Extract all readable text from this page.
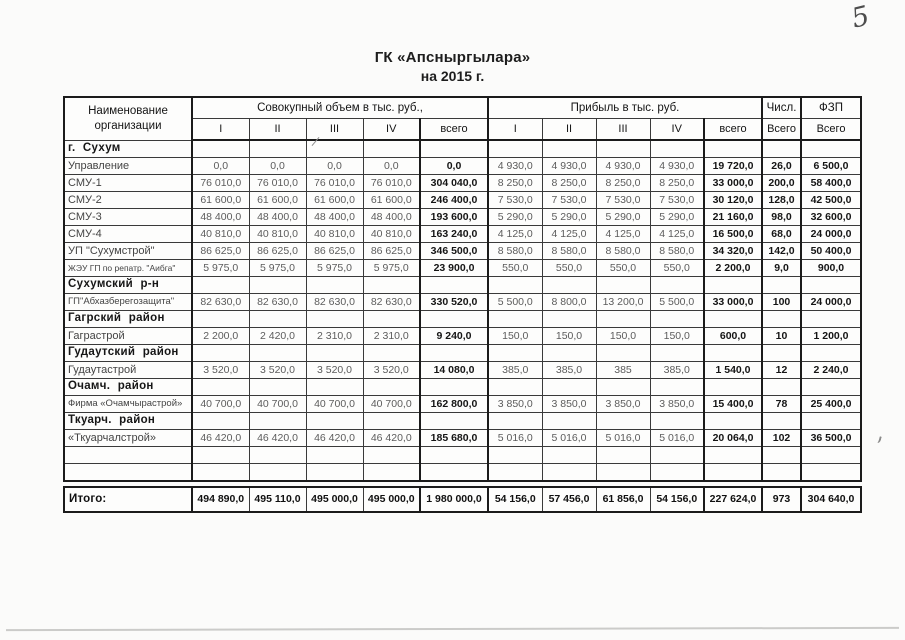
5
ГК «Апсныргылара»
на 2015 г.
Наименование
организации	Совокупный объем в тыс. руб.,					Прибыль в тыс. руб.					Числ.	ФЗП
	I	II	III	IV	всего	I	II	III	IV	всего	Всего	Всего
г. Сухум												
Управление	0,0	0,0	0,0	0,0	0,0	4 930,0	4 930,0	4 930,0	4 930,0	19 720,0	26,0	6 500,0
СМУ-1	76 010,0	76 010,0	76 010,0	76 010,0	304 040,0	8 250,0	8 250,0	8 250,0	8 250,0	33 000,0	200,0	58 400,0
СМУ-2	61 600,0	61 600,0	61 600,0	61 600,0	246 400,0	7 530,0	7 530,0	7 530,0	7 530,0	30 120,0	128,0	42 500,0
СМУ-3	48 400,0	48 400,0	48 400,0	48 400,0	193 600,0	5 290,0	5 290,0	5 290,0	5 290,0	21 160,0	98,0	32 600,0
СМУ-4	40 810,0	40 810,0	40 810,0	40 810,0	163 240,0	4 125,0	4 125,0	4 125,0	4 125,0	16 500,0	68,0	24 000,0
УП "Сухумстрой"	86 625,0	86 625,0	86 625,0	86 625,0	346 500,0	8 580,0	8 580,0	8 580,0	8 580,0	34 320,0	142,0	50 400,0
ЖЭУ ГП по репатр. "Аибга"	5 975,0	5 975,0	5 975,0	5 975,0	23 900,0	550,0	550,0	550,0	550,0	2 200,0	9,0	900,0
Сухумский р-н												
ГП"Абхазберегозащита"	82 630,0	82 630,0	82 630,0	82 630,0	330 520,0	5 500,0	8 800,0	13 200,0	5 500,0	33 000,0	100	24 000,0
Гагрский район												
Гаграстрой	2 200,0	2 420,0	2 310,0	2 310,0	9 240,0	150,0	150,0	150,0	150,0	600,0	10	1 200,0
Гудаутский район												
Гудаутастрой	3 520,0	3 520,0	3 520,0	3 520,0	14 080,0	385,0	385,0	385	385,0	1 540,0	12	2 240,0
Очамч. район												
Фирма «Очамчырастрой»	40 700,0	40 700,0	40 700,0	40 700,0	162 800,0	3 850,0	3 850,0	3 850,0	3 850,0	15 400,0	78	25 400,0
Ткуарч. район												
«Ткуарчалстрой»	46 420,0	46 420,0	46 420,0	46 420,0	185 680,0	5 016,0	5 016,0	5 016,0	5 016,0	20 064,0	102	36 500,0

Итого:	494 890,0	495 110,0	495 000,0	495 000,0	1 980 000,0	54 156,0	57 456,0	61 856,0	54 156,0	227 624,0	973	304 640,0
